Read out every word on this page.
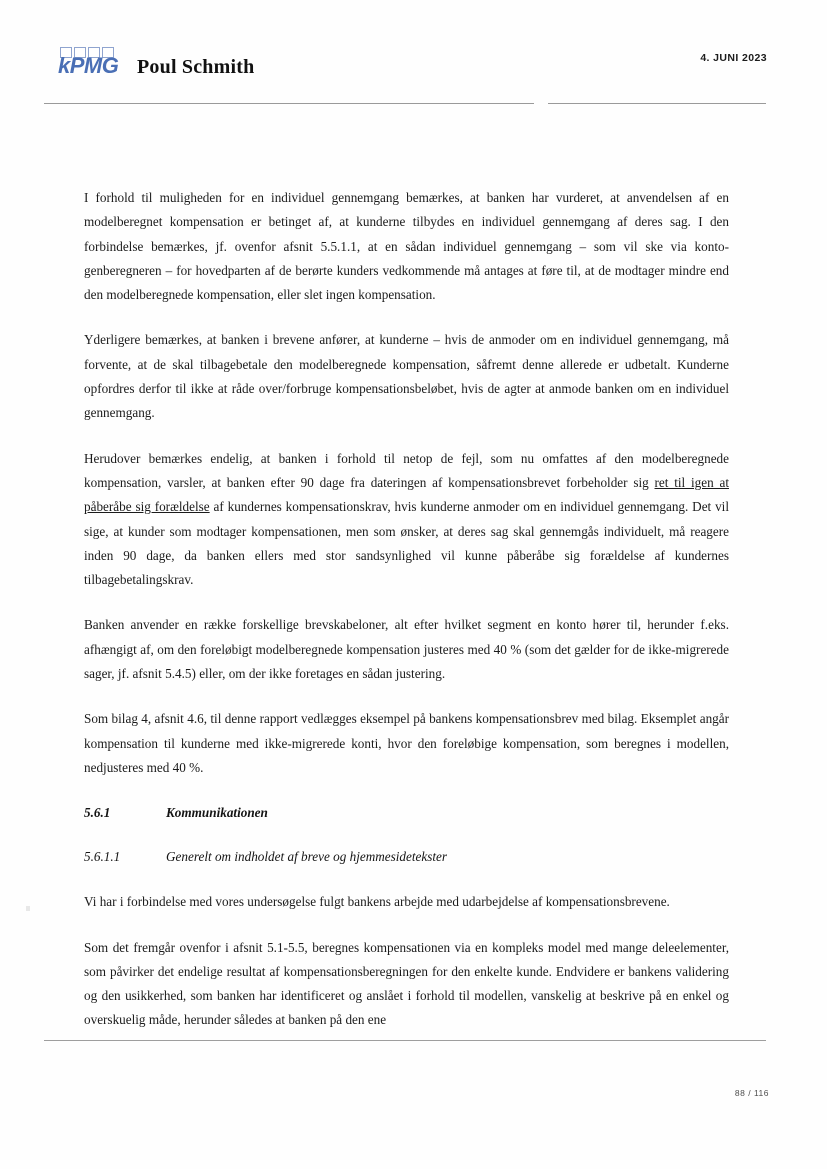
kPMG Poul Schmith	4. JUNI 2023

I forhold til muligheden for en individuel gennemgang bemærkes, at banken har vurderet, at anvendelsen af en modelberegnet kompensation er betinget af, at kunderne tilbydes en individuel gennemgang af deres sag. I den forbindelse bemærkes, jf. ovenfor afsnit 5.5.1.1, at en sådan individuel gennemgang – som vil ske via konto-genberegneren – for hovedparten af de berørte kunders vedkommende må antages at føre til, at de modtager mindre end den modelberegnede kompensation, eller slet ingen kompensation.

Yderligere bemærkes, at banken i brevene anfører, at kunderne – hvis de anmoder om en individuel gennemgang, må forvente, at de skal tilbagebetale den modelberegnede kompensation, såfremt denne allerede er udbetalt. Kunderne opfordres derfor til ikke at råde over/forbruge kompensationsbeløbet, hvis de agter at anmode banken om en individuel gennemgang.

Herudover bemærkes endelig, at banken i forhold til netop de fejl, som nu omfattes af den modelberegnede kompensation, varsler, at banken efter 90 dage fra dateringen af kompensationsbrevet forbeholder sig ret til igen at påberåbe sig forældelse af kundernes kompensationskrav, hvis kunderne anmoder om en individuel gennemgang. Det vil sige, at kunder som modtager kompensationen, men som ønsker, at deres sag skal gennemgås individuelt, må reagere inden 90 dage, da banken ellers med stor sandsynlighed vil kunne påberåbe sig forældelse af kundernes tilbagebetalingskrav.

Banken anvender en række forskellige brevskabeloner, alt efter hvilket segment en konto hører til, herunder f.eks. afhængigt af, om den foreløbigt modelberegnede kompensation justeres med 40 % (som det gælder for de ikke-migrerede sager, jf. afsnit 5.4.5) eller, om der ikke foretages en sådan justering.

Som bilag 4, afsnit 4.6, til denne rapport vedlægges eksempel på bankens kompensationsbrev med bilag. Eksemplet angår kompensation til kunderne med ikke-migrerede konti, hvor den foreløbige kompensation, som beregnes i modellen, nedjusteres med 40 %.

5.6.1	Kommunikationen
5.6.1.1	Generelt om indholdet af breve og hjemmesidetekster

Vi har i forbindelse med vores undersøgelse fulgt bankens arbejde med udarbejdelse af kompensationsbrevene.

Som det fremgår ovenfor i afsnit 5.1-5.5, beregnes kompensationen via en kompleks model med mange deleelementer, som påvirker det endelige resultat af kompensationsberegningen for den enkelte kunde. Endvidere er bankens validering og den usikkerhed, som banken har identificeret og anslået i forhold til modellen, vanskelig at beskrive på en enkel og overskuelig måde, herunder således at banken på den ene

88 / 116
